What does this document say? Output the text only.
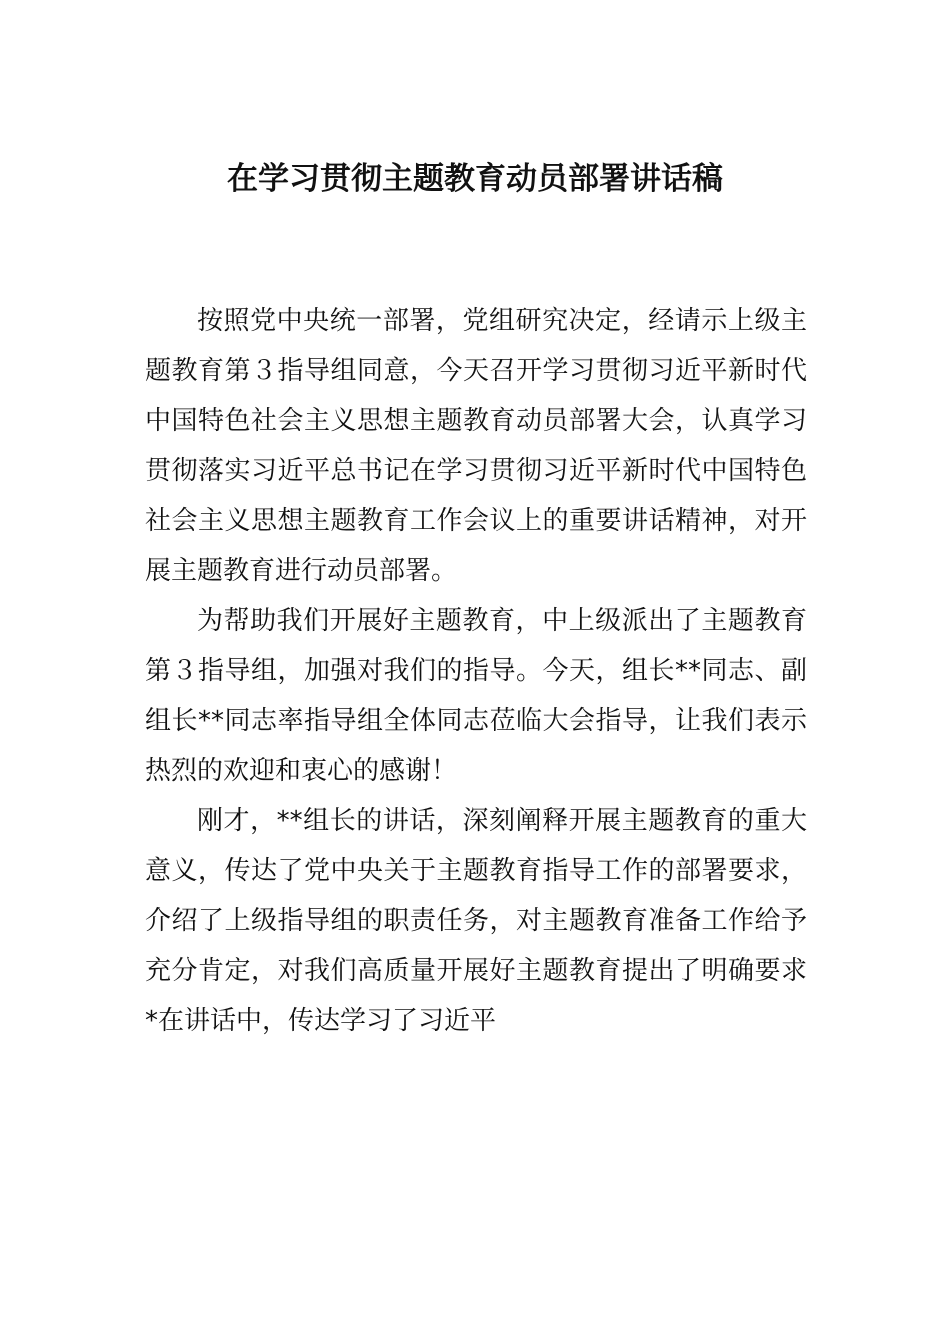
在学习贯彻主题教育动员部署讲话稿

按照党中央统一部署，党组研究决定，经请示上级主题教育第３指导组同意，今天召开学习贯彻习近平新时代中国特色社会主义思想主题教育动员部署大会，认真学习贯彻落实习近平总书记在学习贯彻习近平新时代中国特色社会主义思想主题教育工作会议上的重要讲话精神，对开展主题教育进行动员部署。

为帮助我们开展好主题教育，中上级派出了主题教育第３指导组，加强对我们的指导。今天，组长**同志、副组长**同志率指导组全体同志莅临大会指导，让我们表示热烈的欢迎和衷心的感谢！

刚才，**组长的讲话，深刻阐释开展主题教育的重大意义，传达了党中央关于主题教育指导工作的部署要求，介绍了上级指导组的职责任务，对主题教育准备工作给予充分肯定，对我们高质量开展好主题教育提出了明确要求*在讲话中，传达学习了习近平
